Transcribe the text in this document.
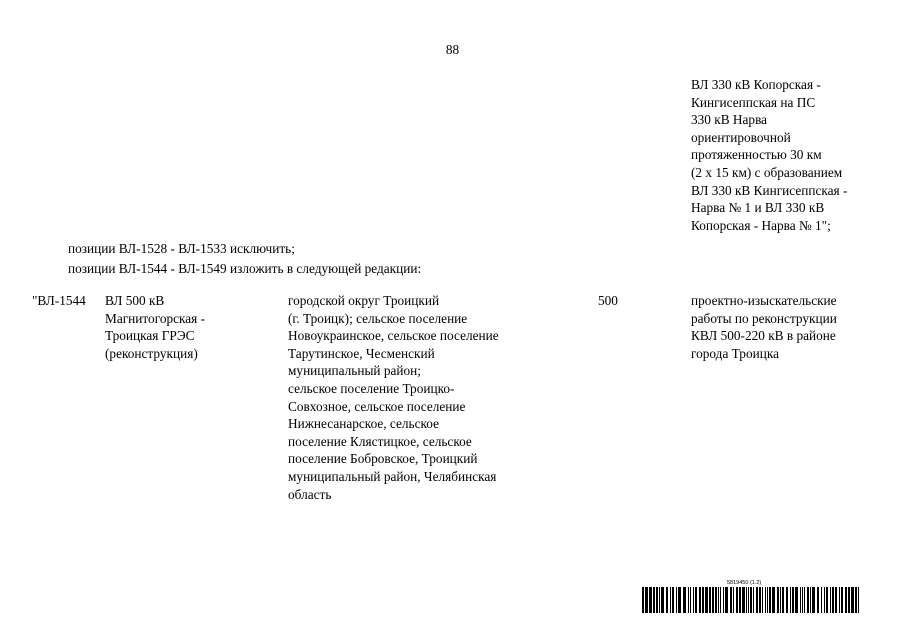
88
ВЛ 330 кВ Копорская -
Кингисеппская на ПС
330 кВ Нарва
ориентировочной
протяженностью 30 км
(2 х 15 км) с образованием
ВЛ 330 кВ Кингисеппская -
Нарва № 1 и ВЛ 330 кВ
Копорская - Нарва № 1";
позиции ВЛ-1528 - ВЛ-1533 исключить;
позиции ВЛ-1544 - ВЛ-1549 изложить в следующей редакции:
"ВЛ-1544	ВЛ 500 кВ
Магнитогорская -
Троицкая ГРЭС
(реконструкция)
городской округ Троицкий
(г. Троицк); сельское поселение
Новоукраинское, сельское поселение
Тарутинское, Чесменский
муниципальный район;
сельское поселение Троицко-
Совхозное, сельское поселение
Нижнесанарское, сельское
поселение Клястицкое, сельское
поселение Бобровское, Троицкий
муниципальный район, Челябинская
область
500	проектно-изыскательские
работы по реконструкции
КВЛ 500-220 кВ в районе
города Троицка
5819450 (1.2)
